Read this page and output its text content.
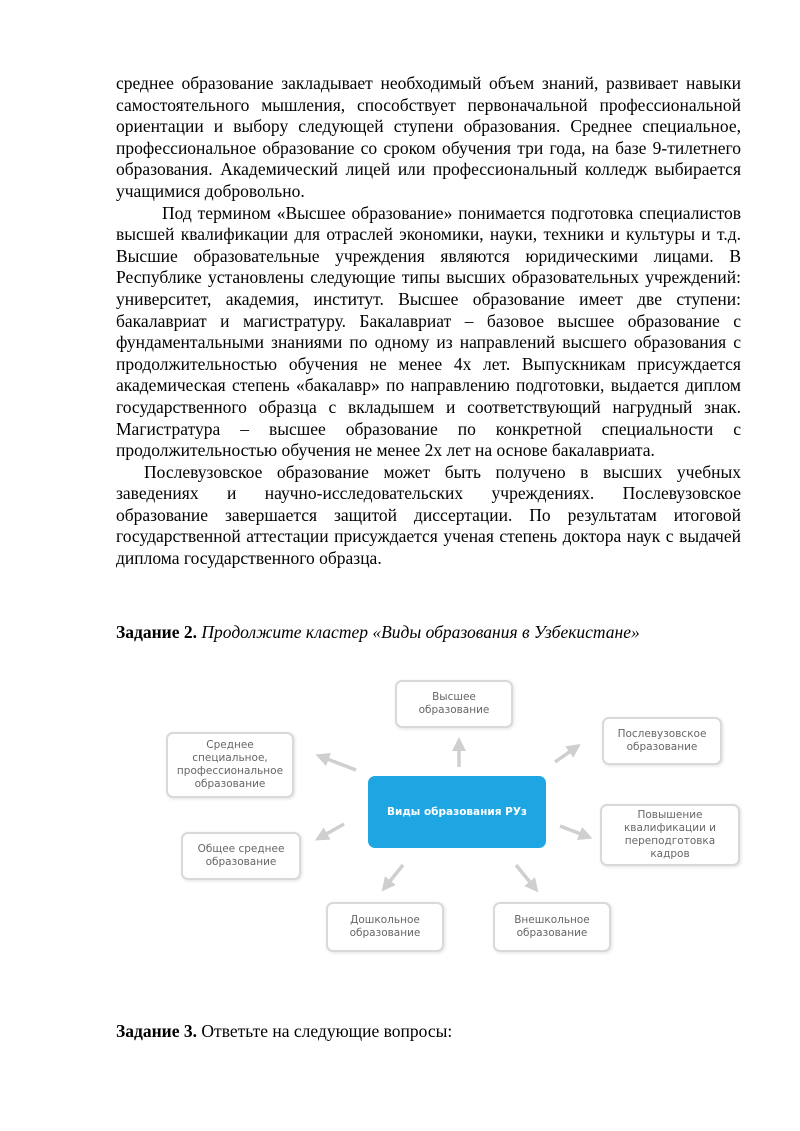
среднее образование закладывает необходимый объем знаний, развивает навыки самостоятельного мышления, способствует первоначальной профессиональной ориентации и выбору следующей ступени образования. Среднее специальное, профессиональное образование со сроком обучения три года, на базе 9-тилетнего образования. Академический лицей или профессиональный колледж выбирается учащимися добровольно.

Под термином «Высшее образование» понимается подготовка специалистов высшей квалификации для отраслей экономики, науки, техники и культуры и т.д. Высшие образовательные учреждения являются юридическими лицами. В Республике установлены следующие типы высших образовательных учреждений: университет, академия, институт. Высшее образование имеет две ступени: бакалавриат и магистратуру. Бакалавриат – базовое высшее образование с фундаментальными знаниями по одному из направлений высшего образования с продолжительностью обучения не менее 4х лет. Выпускникам присуждается академическая степень «бакалавр» по направлению подготовки, выдается диплом государственного образца с вкладышем и соответствующий нагрудный знак. Магистратура – высшее образование по конкретной специальности с продолжительностью обучения не менее 2х лет на основе бакалавриата.

Послевузовское образование может быть получено в высших учебных заведениях и научно-исследовательских учреждениях. Послевузовское образование завершается защитой диссертации. По результатам итоговой государственной аттестации присуждается ученая степень доктора наук с выдачей диплома государственного образца.

Задание 2. Продолжите кластер «Виды образования в Узбекистане»
Виды образования РУз
Высшее образование
Послевузовское образование
Повышение квалификации и переподготовка кадров
Внешкольное образование
Дошкольное образование
Общее среднее образование
Среднее специальное, профессиональное образование
Задание 3. Ответьте на следующие вопросы:
